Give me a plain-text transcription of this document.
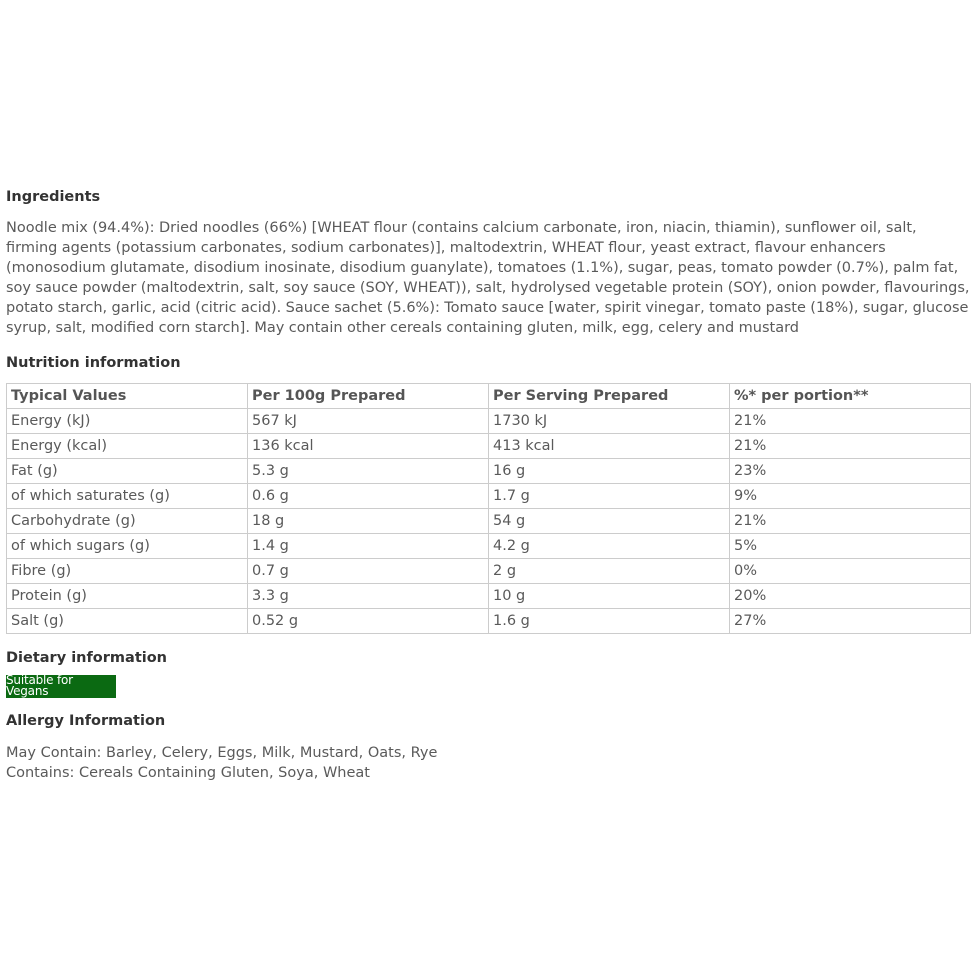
Ingredients

Noodle mix (94.4%): Dried noodles (66%) [WHEAT flour (contains calcium carbonate, iron, niacin, thiamin), sunflower oil, salt, firming agents (potassium carbonates, sodium carbonates)], maltodextrin, WHEAT flour, yeast extract, flavour enhancers (monosodium glutamate, disodium inosinate, disodium guanylate), tomatoes (1.1%), sugar, peas, tomato powder (0.7%), palm fat, soy sauce powder (maltodextrin, salt, soy sauce (SOY, WHEAT)), salt, hydrolysed vegetable protein (SOY), onion powder, flavourings, potato starch, garlic, acid (citric acid). Sauce sachet (5.6%): Tomato sauce [water, spirit vinegar, tomato paste (18%), sugar, glucose syrup, salt, modified corn starch]. May contain other cereals containing gluten, milk, egg, celery and mustard

Nutrition information
Typical Values	Per 100g Prepared	Per Serving Prepared	%* per portion**
Energy (kJ)	567 kJ	1730 kJ	21%
Energy (kcal)	136 kcal	413 kcal	21%
Fat (g)	5.3 g	16 g	23%
of which saturates (g)	0.6 g	1.7 g	9%
Carbohydrate (g)	18 g	54 g	21%
of which sugars (g)	1.4 g	4.2 g	5%
Fibre (g)	0.7 g	2 g	0%
Protein (g)	3.3 g	10 g	20%
Salt (g)	0.52 g	1.6 g	27%
Dietary information
Suitable for Vegans
Allergy Information

May Contain: Barley, Celery, Eggs, Milk, Mustard, Oats, Rye

Contains: Cereals Containing Gluten, Soya, Wheat
